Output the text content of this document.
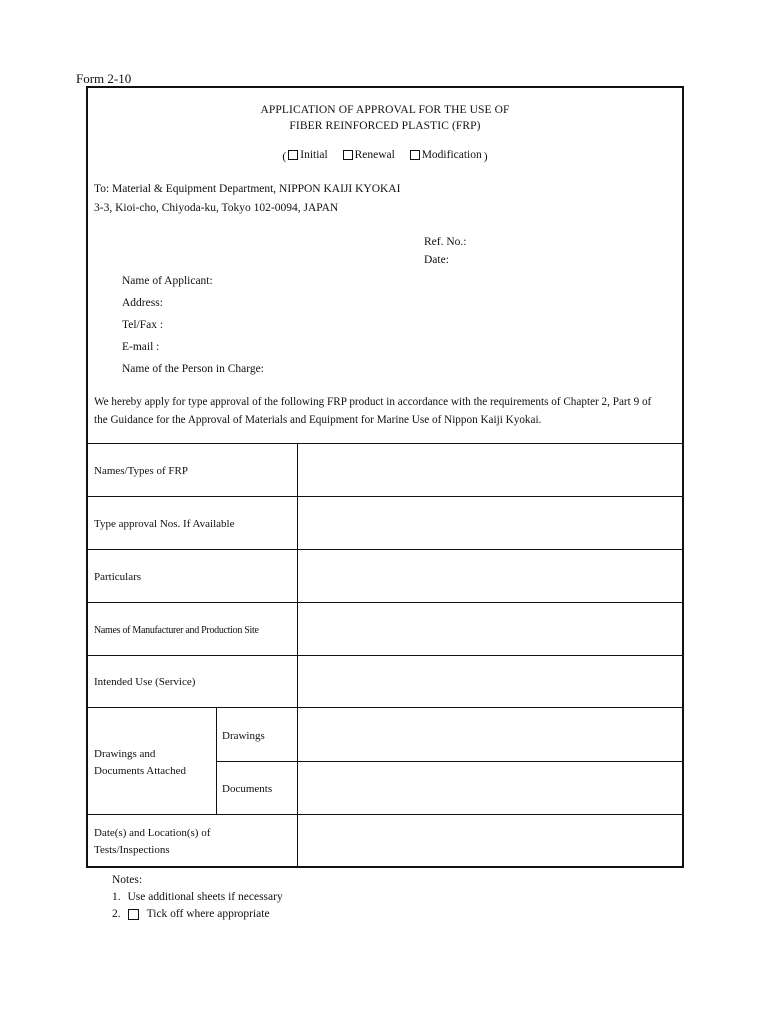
Form 2-10
APPLICATION OF APPROVAL FOR THE USE OF
FIBER REINFORCED PLASTIC (FRP)
( Initial
Renewal
Modification )
To: Material & Equipment Department, NIPPON KAIJI KYOKAI
3-3, Kioi-cho, Chiyoda-ku, Tokyo 102-0094, JAPAN
Ref. No.:
Date:
Name of Applicant:
Address:
Tel/Fax :
E-mail :
Name of the Person in Charge:
We hereby apply for type approval of the following FRP product in accordance with the requirements of Chapter 2, Part 9 of
the Guidance for the Approval of Materials and Equipment for Marine Use of Nippon Kaiji Kyokai.
Names/Types of FRP
Type approval Nos. If Available
Particulars
Names of Manufacturer and Production Site
Intended Use (Service)
Drawings and
Documents Attached
Drawings
Documents
Date(s) and Location(s) of
Tests/Inspections
Notes:
1. Use additional sheets if necessary
2. Tick off where appropriate
